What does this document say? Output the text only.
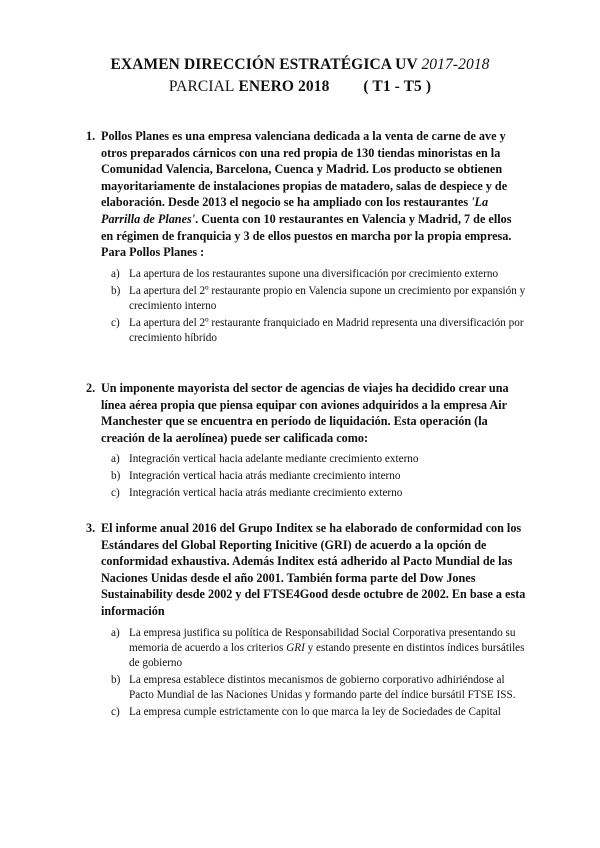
EXAMEN DIRECCIÓN ESTRATÉGICA UV 2017-2018
PARCIAL ENERO 2018 ( T1 - T5 )
1. Pollos Planes es una empresa valenciana dedicada a la venta de carne de ave y otros preparados cárnicos con una red propia de 130 tiendas minoristas en la Comunidad Valencia, Barcelona, Cuenca y Madrid. Los producto se obtienen mayoritariamente de instalaciones propias de matadero, salas de despiece y de elaboración. Desde 2013 el negocio se ha ampliado con los restaurantes 'La Parrilla de Planes'. Cuenta con 10 restaurantes en Valencia y Madrid, 7 de ellos en régimen de franquicia y 3 de ellos puestos en marcha por la propia empresa. Para Pollos Planes :
a) La apertura de los restaurantes supone una diversificación por crecimiento externo
b) La apertura del 2º restaurante propio en Valencia supone un crecimiento por expansión y crecimiento interno
c) La apertura del 2º restaurante franquiciado en Madrid representa una diversificación por crecimiento híbrido
2. Un imponente mayorista del sector de agencias de viajes ha decidido crear una línea aérea propia que piensa equipar con aviones adquiridos a la empresa Air Manchester que se encuentra en período de liquidación. Esta operación (la creación de la aerolínea) puede ser calificada como:
a) Integración vertical hacia adelante mediante crecimiento externo
b) Integración vertical hacia atrás mediante crecimiento interno
c) Integración vertical hacia atrás mediante crecimiento externo
3. El informe anual 2016 del Grupo Inditex se ha elaborado de conformidad con los Estándares del Global Reporting Inicitive (GRI) de acuerdo a la opción de conformidad exhaustiva. Además Inditex está adherido al Pacto Mundial de las Naciones Unidas desde el año 2001. También forma parte del Dow Jones Sustainability desde 2002 y del FTSE4Good desde octubre de 2002. En base a esta información
a) La empresa justifica su política de Responsabilidad Social Corporativa presentando su memoria de acuerdo a los criterios GRI y estando presente en distintos índices bursátiles de gobierno
b) La empresa establece distintos mecanismos de gobierno corporativo adhiriéndose al Pacto Mundial de las Naciones Unidas y formando parte del índice bursátil FTSE ISS.
c) La empresa cumple estrictamente con lo que marca la ley de Sociedades de Capital
